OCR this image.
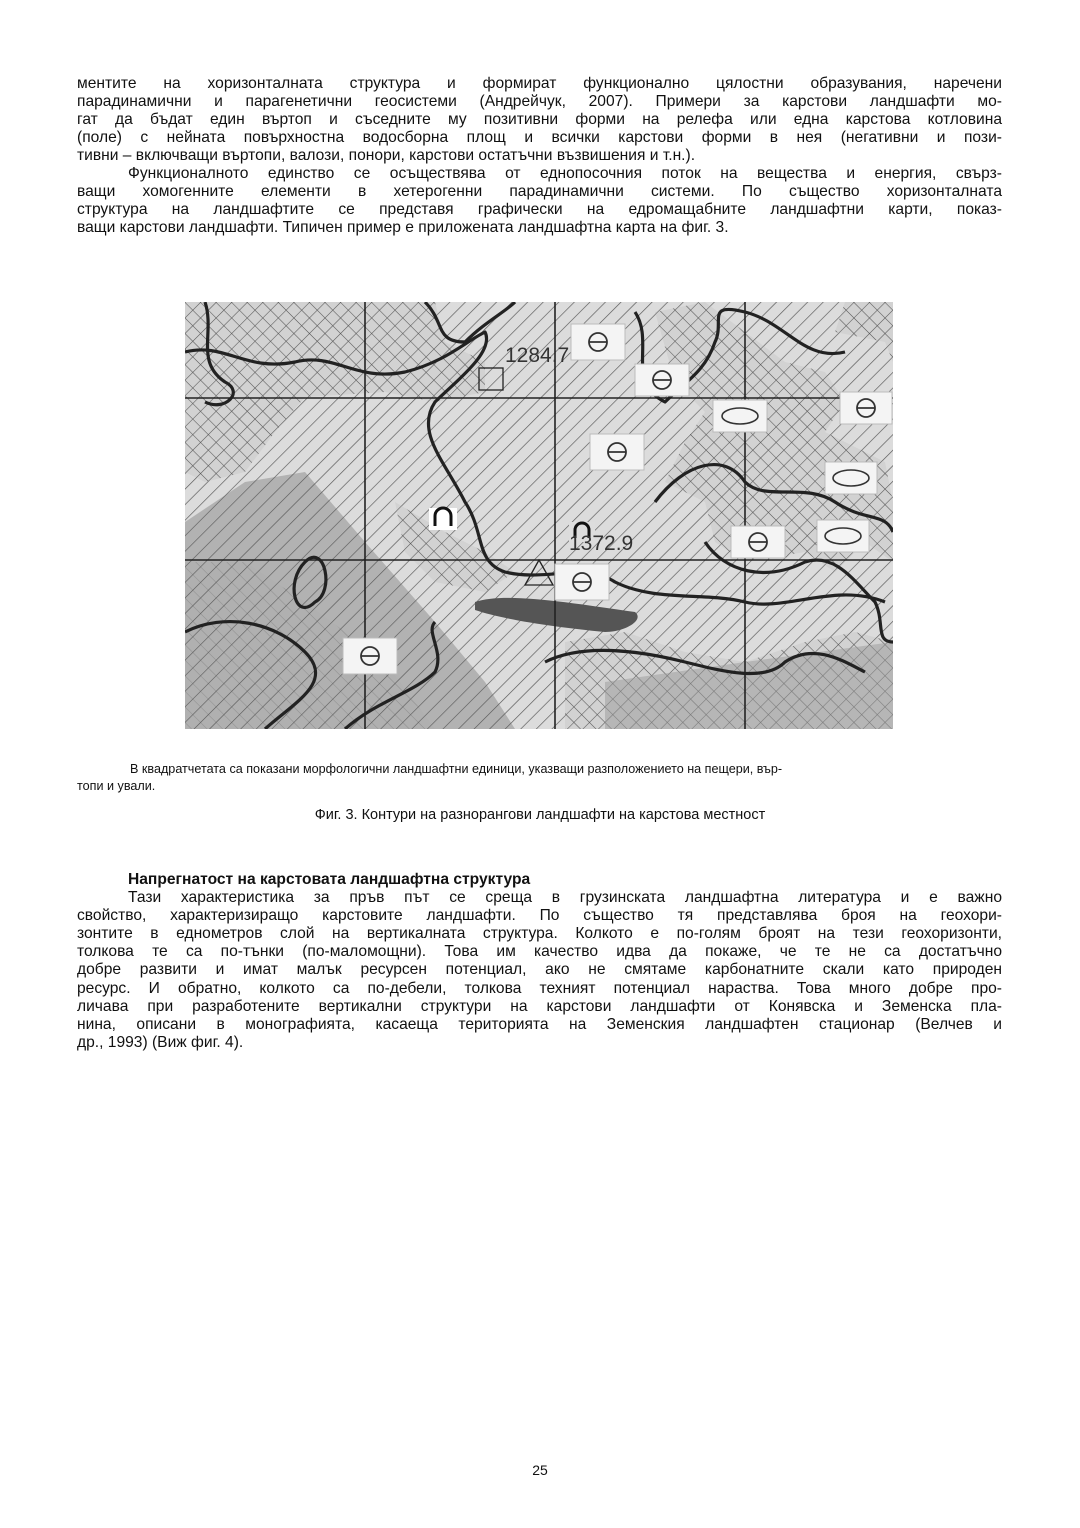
ментите на хоризонталната структура и формират функционално цялостни образувания, наречени
парадинамични и парагенетични геосистеми (Андрейчук, 2007). Примери за карстови ландшафти мо-
гат да бъдат един въртоп и съседните му позитивни форми на релефа или една карстова котловина
(поле) с нейната повърхностна водосборна площ и всички карстови форми в нея (негативни и пози-
тивни – включващи въртопи, валози, понори, карстови остатъчни възвишения и т.н.).
Функционалното единство се осъществява от еднопосочния поток на вещества и енергия, свърз-
ващи хомогенните елементи в хетерогенни парадинамични системи. По същество хоризонталната
структура на ландшафтите се представя графически на едромащабните ландшафтни карти, показ-
ващи карстови ландшафти. Типичен пример е приложената ландшафтна карта на фиг. 3.
1284.7
1372.9
В квадратчетата са показани морфологични ландшафтни единици, указващи разположението на пещери, вър-
топи и ували.
Фиг. 3. Контури на разнорангови ландшафти на карстова местност
Напрегнатост на карстовата ландшафтна структура
Тази характеристика за пръв път се среща в грузинската ландшафтна литература и е важно
свойство, характеризиращо карстовите ландшафти. По същество тя представлява броя на геохори-
зонтите в еднометров слой на вертикалната структура. Колкото е по-голям броят на тези геохоризонти,
толкова те са по-тънки (по-маломощни). Това им качество идва да покаже, че те не са достатъчно
добре развити и имат малък ресурсен потенциал, ако не смятаме карбонатните скали като природен
ресурс. И обратно, колкото са по-дебели, толкова техният потенциал нараства. Това много добре про-
личава при разработените вертикални структури на карстови ландшафти от Конявска и Земенска пла-
нина, описани в монографията, касаеща територията на Земенския ландшафтен стационар (Велчев и
др., 1993) (Виж фиг. 4).
25
